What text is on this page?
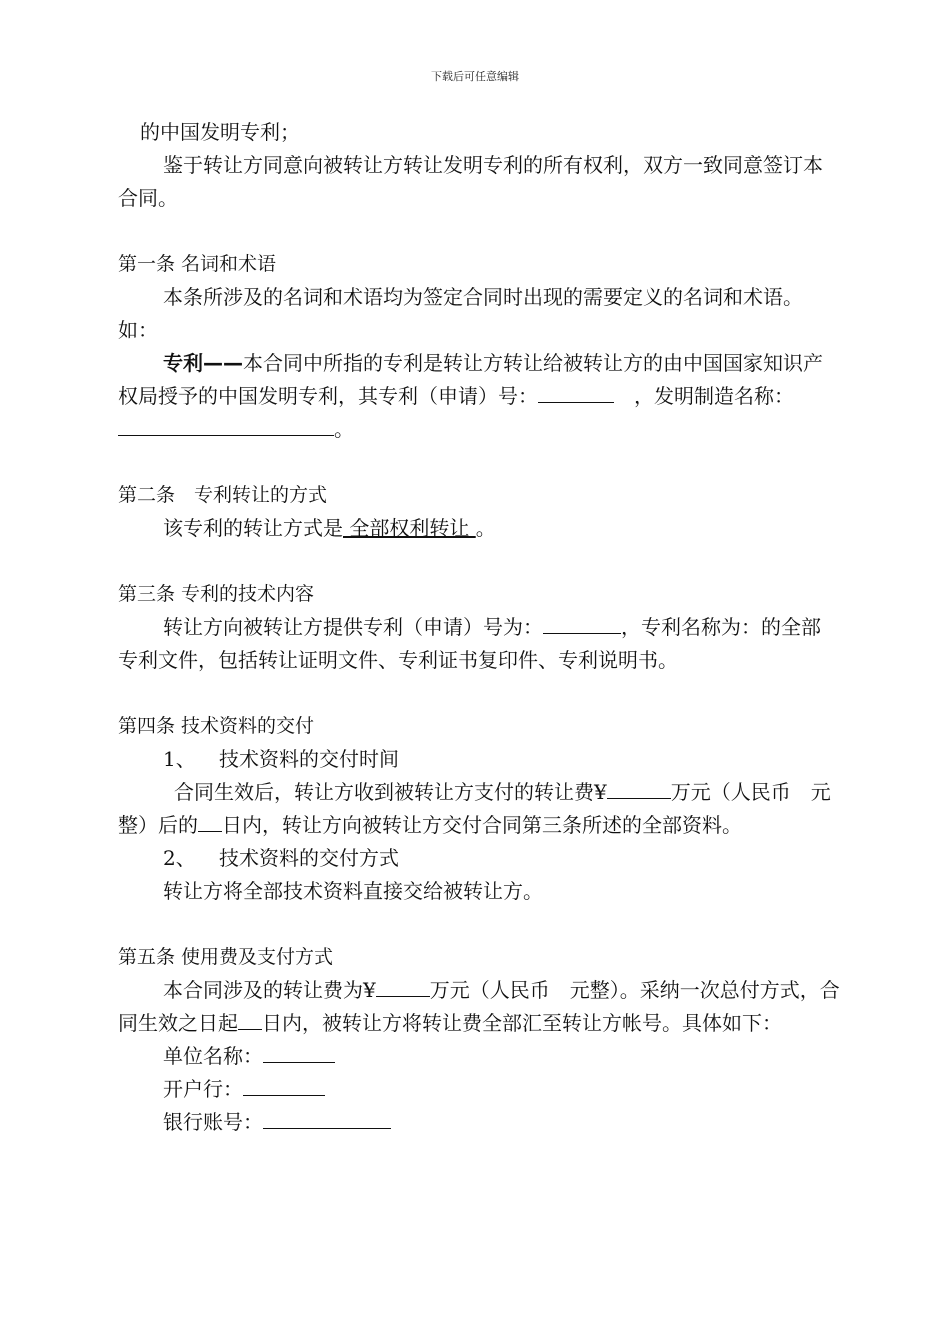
下载后可任意编辑

的中国发明专利；

鉴于转让方同意向被转让方转让发明专利的所有权利，双方一致同意签订本合同。

第一条 名词和术语

本条所涉及的名词和术语均为签定合同时出现的需要定义的名词和术语。如：

专利——本合同中所指的专利是转让方转让给被转让方的由中国国家知识产权局授予的中国发明专利，其专利（申请）号：　	，发明制造名称：。

第二条　专利转让的方式

该专利的转让方式是 全部权利转让 。

第三条 专利的技术内容

转让方向被转让方提供专利（申请）号为：	，专利名称为：的全部专利文件，包括转让证明文件、专利证书复印件、专利说明书。

第四条 技术资料的交付

1、 技术资料的交付时间

合同生效后，转让方收到被转让方支付的转让费¥	万元（人民币　元整）后的 日内，转让方向被转让方交付合同第三条所述的全部资料。

2、 技术资料的交付方式

转让方将全部技术资料直接交给被转让方。

第五条 使用费及支付方式

本合同涉及的转让费为¥	万元（人民币　元整）。采纳一次总付方式，合同生效之日起 日内，被转让方将转让费全部汇至转让方帐号。具体如下：

单位名称：

开户行：

银行账号：
